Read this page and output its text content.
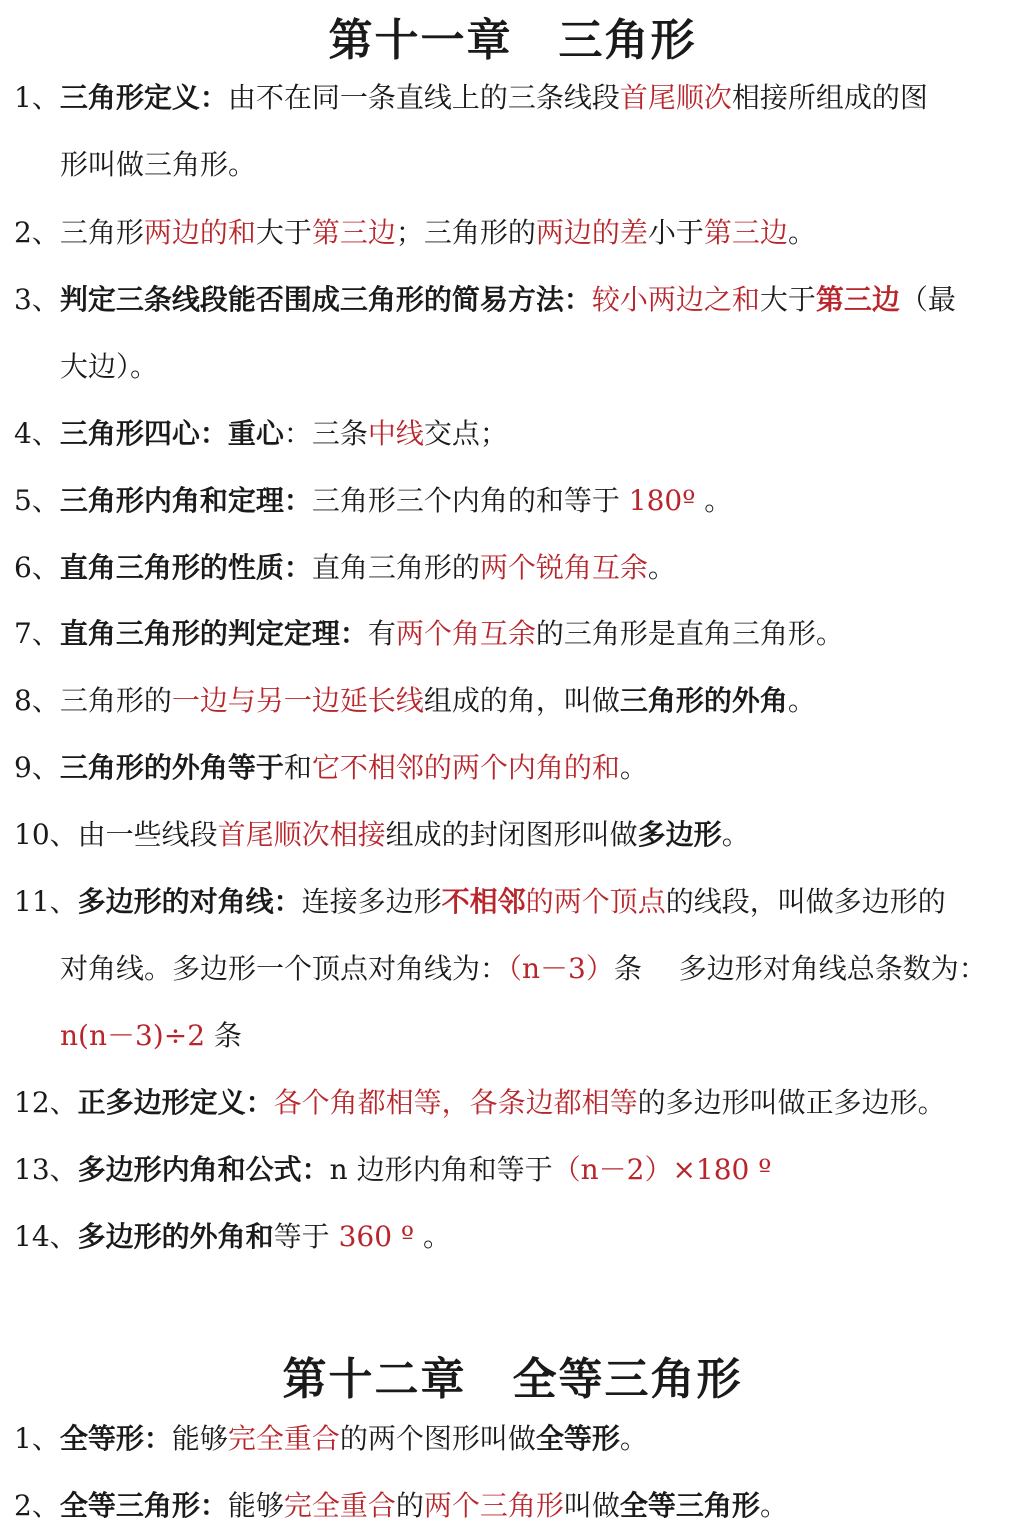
第十一章　三角形
1、三角形定义：由不在同一条直线上的三条线段首尾顺次相接所组成的图
形叫做三角形。
2、三角形两边的和大于第三边；三角形的两边的差小于第三边。
3、判定三条线段能否围成三角形的简易方法：较小两边之和大于第三边（最
大边）。
4、三角形四心：重心：三条中线交点；
5、三角形内角和定理：三角形三个内角的和等于 180º 。
6、直角三角形的性质：直角三角形的两个锐角互余。
7、直角三角形的判定定理：有两个角互余的三角形是直角三角形。
8、三角形的一边与另一边延长线组成的角，叫做三角形的外角。
9、三角形的外角等于和它不相邻的两个内角的和。
10、由一些线段首尾顺次相接组成的封闭图形叫做多边形。
11、多边形的对角线：连接多边形不相邻的两个顶点的线段，叫做多边形的
对角线。多边形一个顶点对角线为：（n－3）条　 多边形对角线总条数为：
n(n－3)÷2 条
12、正多边形定义：各个角都相等，各条边都相等的多边形叫做正多边形。
13、多边形内角和公式：n 边形内角和等于（n－2）×180 º
14、多边形的外角和等于 360 º 。
第十二章　全等三角形
1、全等形：能够完全重合的两个图形叫做全等形。
2、全等三角形：能够完全重合的两个三角形叫做全等三角形。
